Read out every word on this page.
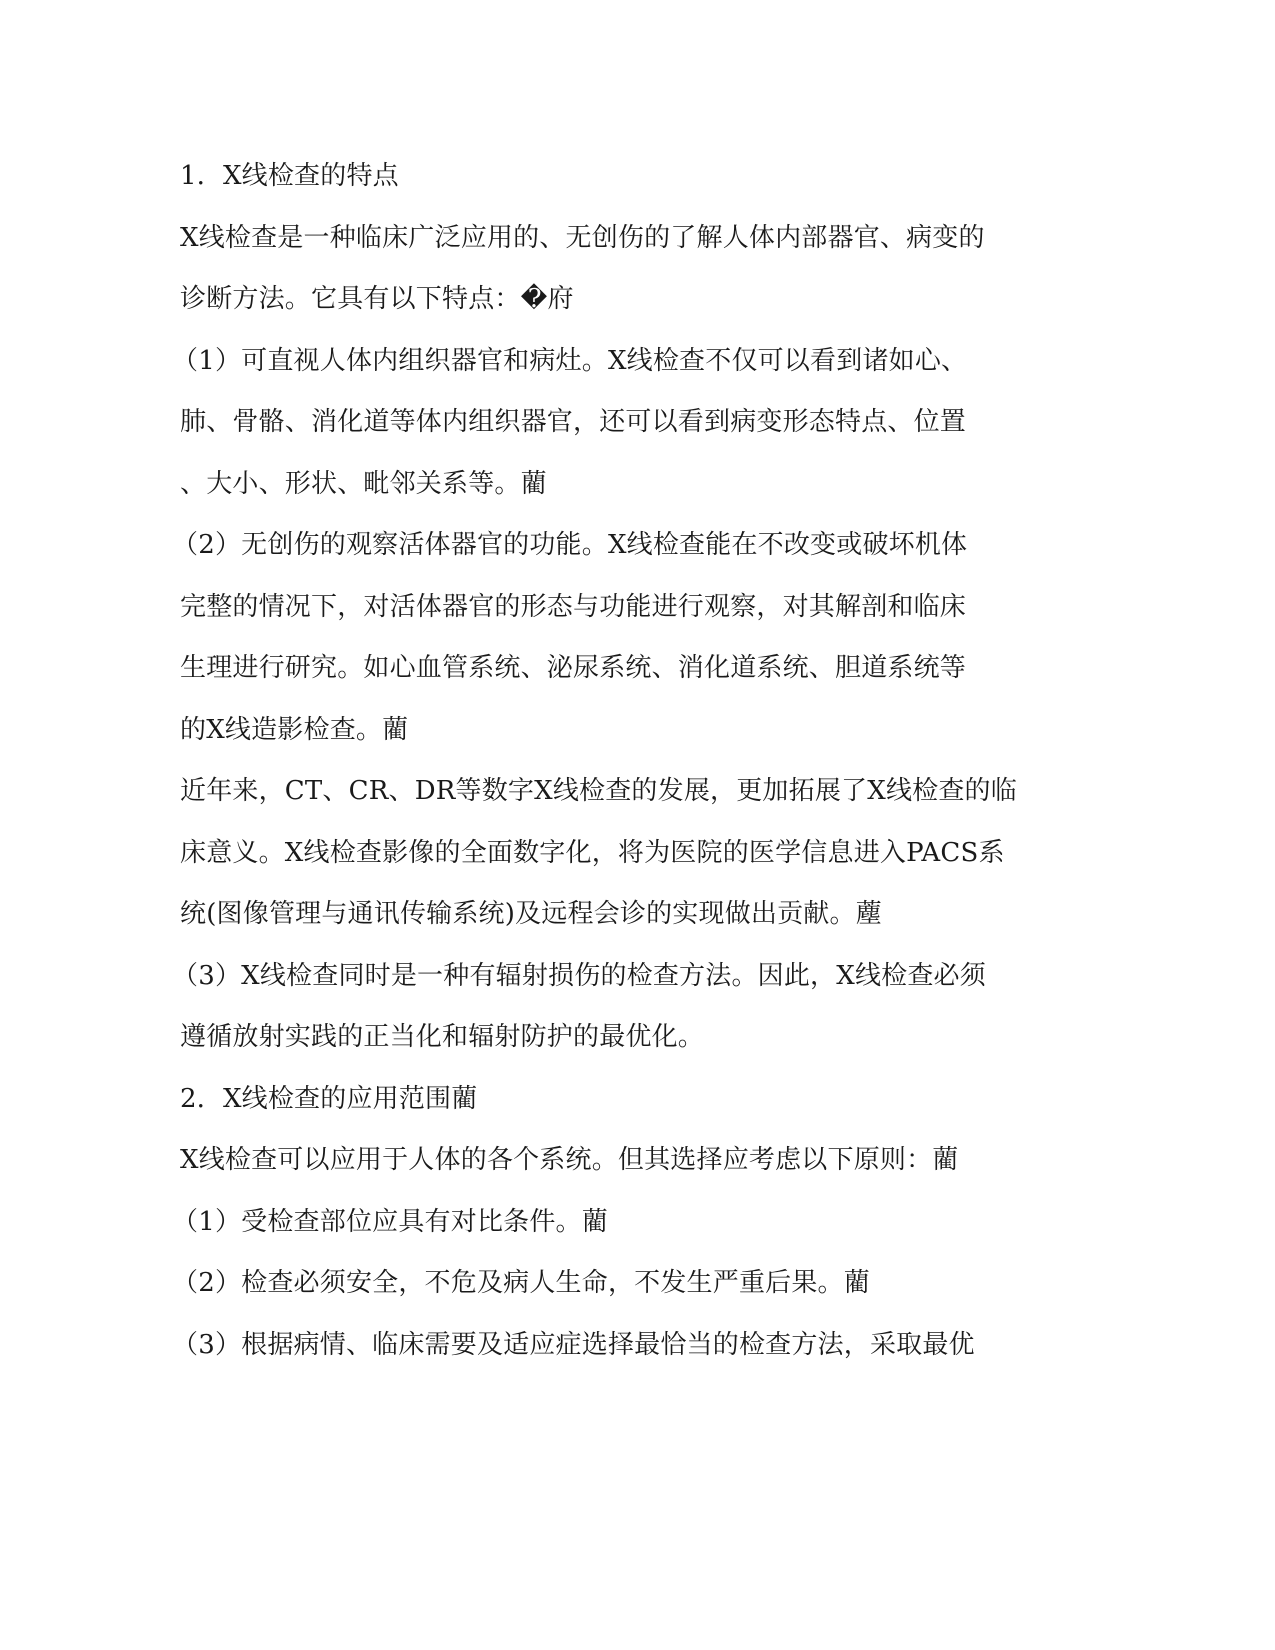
1．X线检查的特点
X线检查是一种临床广泛应用的、无创伤的了解人体内部器官、病变的
诊断方法。它具有以下特点：�府
（1）可直视人体内组织器官和病灶。X线检查不仅可以看到诸如心、
肺、骨骼、消化道等体内组织器官，还可以看到病变形态特点、位置
、大小、形状、毗邻关系等。藺
（2）无创伤的观察活体器官的功能。X线检查能在不改变或破坏机体
完整的情况下，对活体器官的形态与功能进行观察，对其解剖和临床
生理进行研究。如心血管系统、泌尿系统、消化道系统、胆道系统等
的X线造影检查。藺
近年来，CT、CR、DR等数字X线检查的发展，更加拓展了X线检查的临
床意义。X线检查影像的全面数字化，将为医院的医学信息进入PACS系
统(图像管理与通讯传输系统)及远程会诊的实现做出贡献。薼
（3）X线检查同时是一种有辐射损伤的检查方法。因此，X线检查必须
遵循放射实践的正当化和辐射防护的最优化。
2．X线检查的应用范围藺
X线检查可以应用于人体的各个系统。但其选择应考虑以下原则：藺
（1）受检查部位应具有对比条件。藺
（2）检查必须安全，不危及病人生命，不发生严重后果。藺
（3）根据病情、临床需要及适应症选择最恰当的检查方法，采取最优
